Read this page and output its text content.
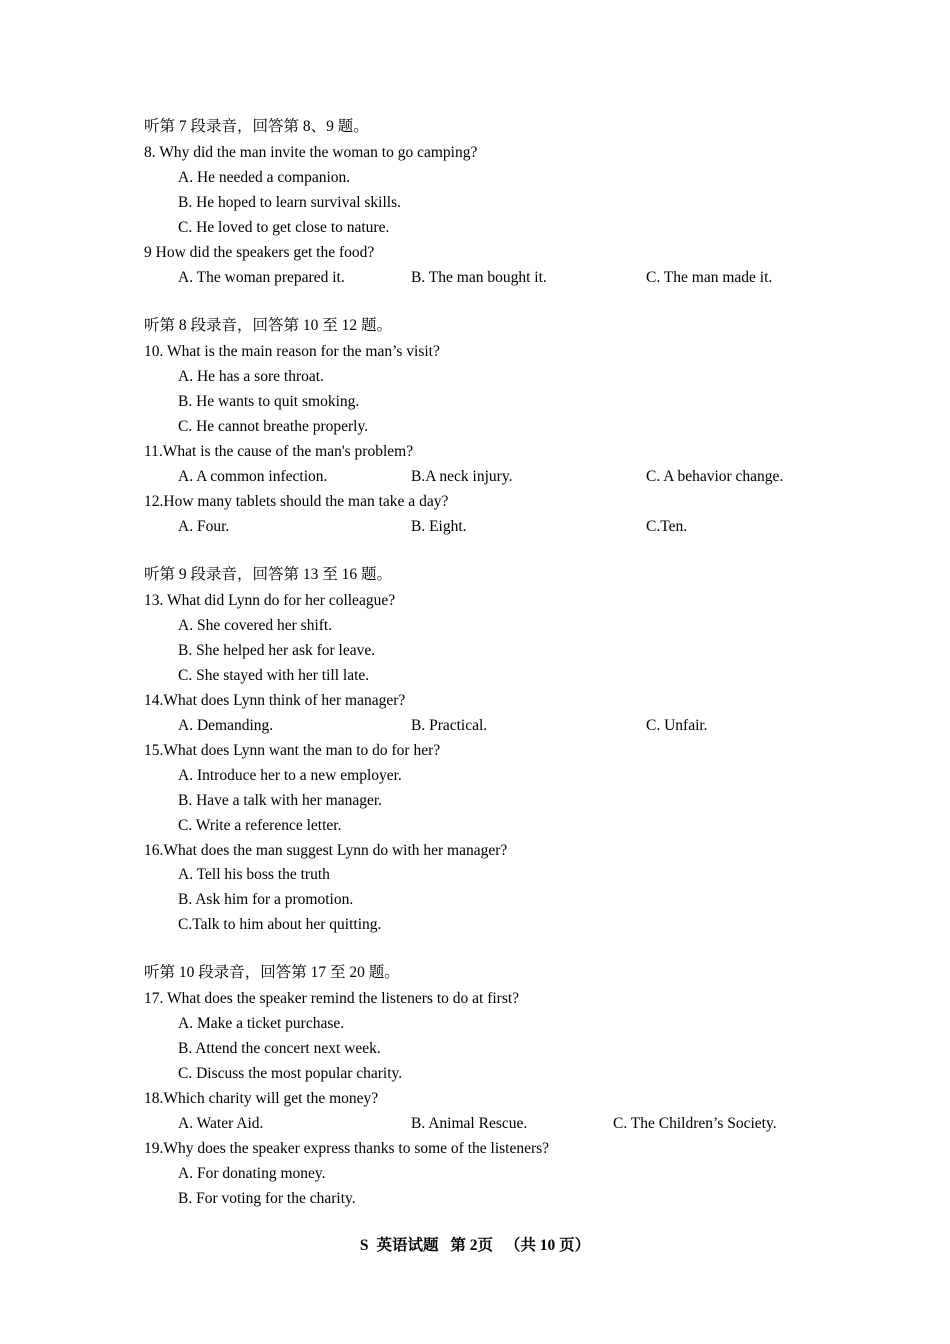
听第 7 段录音，回答第 8、9 题。
8. Why did the man invite the woman to go camping?
A. He needed a companion.
B. He hoped to learn survival skills.
C. He loved to get close to nature.
9 How did the speakers get the food?
A. The woman prepared it.	B. The man bought it.	C. The man made it.
听第 8 段录音，回答第 10 至 12 题。
10. What is the main reason for the man’s visit?
A. He has a sore throat.
B. He wants to quit smoking.
C. He cannot breathe properly.
11.What is the cause of the man's problem?
A. A common infection.	B.A neck injury.	C. A behavior change.
12.How many tablets should the man take a day?
A. Four.	B. Eight.	C.Ten.
听第 9 段录音，回答第 13 至 16 题。
13. What did Lynn do for her colleague?
A. She covered her shift.
B. She helped her ask for leave.
C. She stayed with her till late.
14.What does Lynn think of her manager?
A. Demanding.	B. Practical.	C. Unfair.
15.What does Lynn want the man to do for her?
A. Introduce her to a new employer.
B. Have a talk with her manager.
C. Write a reference letter.
16.What does the man suggest Lynn do with her manager?
A. Tell his boss the truth
B. Ask him for a promotion.
C.Talk to him about her quitting.
听第 10 段录音，回答第 17 至 20 题。
17. What does the speaker remind the listeners to do at first?
A. Make a ticket purchase.
B. Attend the concert next week.
C. Discuss the most popular charity.
18.Which charity will get the money?
A. Water Aid.	B. Animal Rescue.	C. The Children’s Society.
19.Why does the speaker express thanks to some of the listeners?
A. For donating money.
B. For voting for the charity.
S 英语试题 第 2页 （共 10 页）
